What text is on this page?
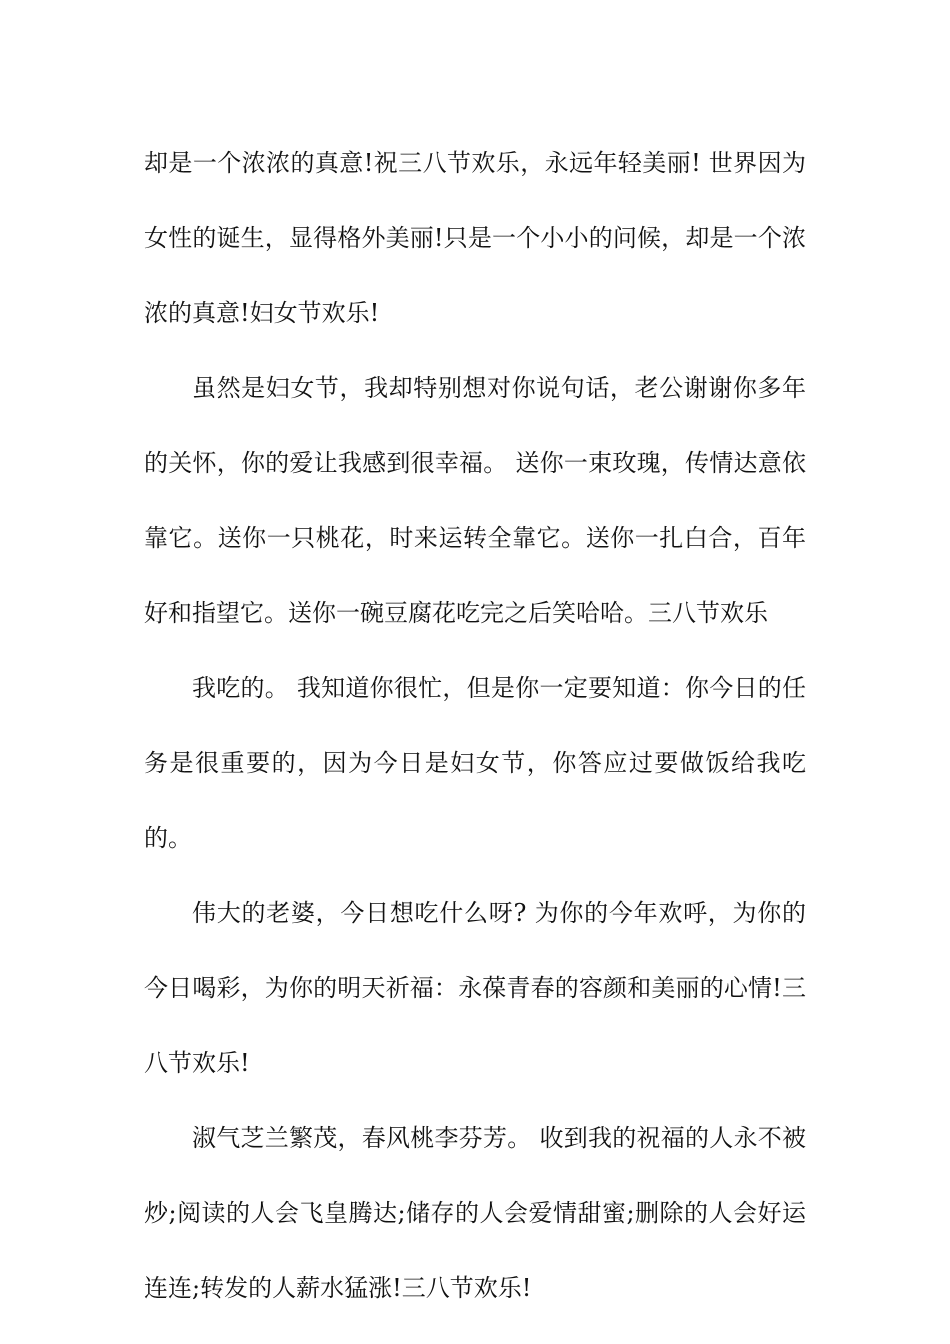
却是一个浓浓的真意!祝三八节欢乐，永远年轻美丽! 世界因为女性的诞生，显得格外美丽!只是一个小小的问候，却是一个浓浓的真意!妇女节欢乐!

虽然是妇女节，我却特别想对你说句话，老公谢谢你多年的关怀，你的爱让我感到很幸福。 送你一束玫瑰，传情达意依靠它。送你一只桃花，时来运转全靠它。送你一扎白合，百年好和指望它。送你一碗豆腐花吃完之后笑哈哈。三八节欢乐

我吃的。 我知道你很忙，但是你一定要知道：你今日的任务是很重要的，因为今日是妇女节，你答应过要做饭给我吃的。

伟大的老婆，今日想吃什么呀? 为你的今年欢呼，为你的今日喝彩，为你的明天祈福：永葆青春的容颜和美丽的心情!三八节欢乐!

淑气芝兰繁茂，春风桃李芬芳。 收到我的祝福的人永不被炒;阅读的人会飞皇腾达;储存的人会爱情甜蜜;删除的人会好运连连;转发的人薪水猛涨!三八节欢乐!
